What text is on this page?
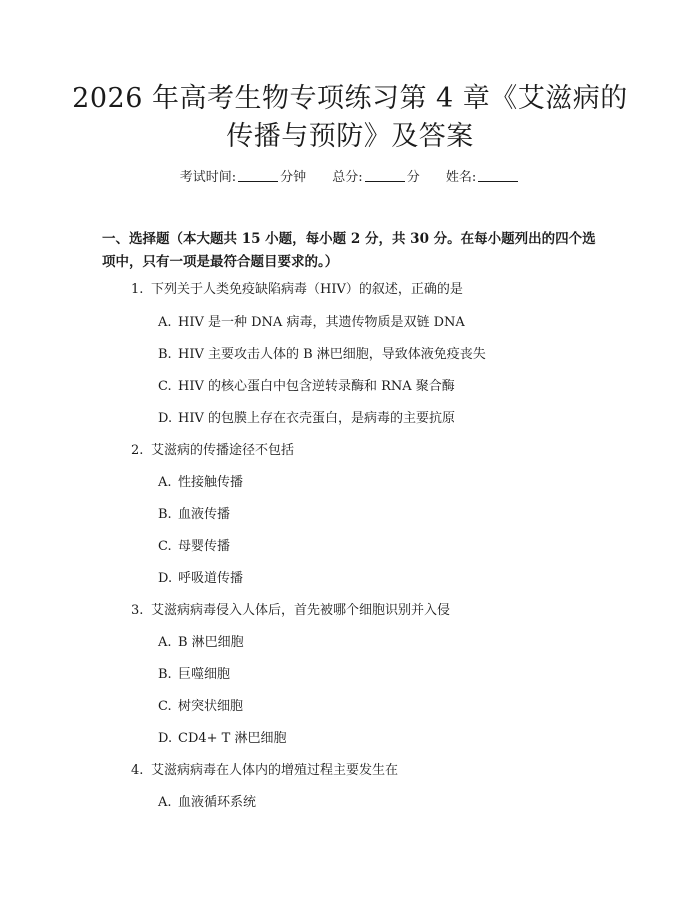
2026 年高考生物专项练习第 4 章《艾滋病的
传播与预防》及答案
考试时间:	分钟 总分:	分 姓名:
一、选择题（本大题共 15 小题，每小题 2 分，共 30 分。在每小题列出的四个选项中，只有一项是最符合题目要求的。）
1. 下列关于人类免疫缺陷病毒（HIV）的叙述，正确的是
A. HIV 是一种 DNA 病毒，其遗传物质是双链 DNA
B. HIV 主要攻击人体的 B 淋巴细胞，导致体液免疫丧失
C. HIV 的核心蛋白中包含逆转录酶和 RNA 聚合酶
D. HIV 的包膜上存在衣壳蛋白，是病毒的主要抗原
2. 艾滋病的传播途径不包括
A. 性接触传播
B. 血液传播
C. 母婴传播
D. 呼吸道传播
3. 艾滋病病毒侵入人体后，首先被哪个细胞识别并入侵
A. B 淋巴细胞
B. 巨噬细胞
C. 树突状细胞
D. CD4+ T 淋巴细胞
4. 艾滋病病毒在人体内的增殖过程主要发生在
A. 血液循环系统
